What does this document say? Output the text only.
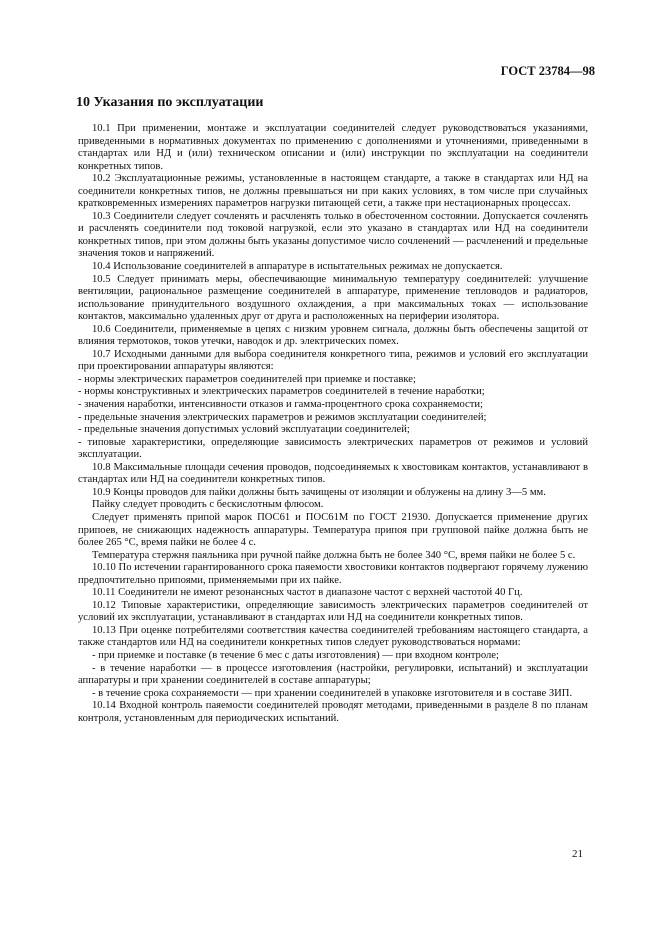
ГОСТ 23784—98
10 Указания по эксплуатации

10.1 При применении, монтаже и эксплуатации соединителей следует руководствоваться указаниями, приведенными в нормативных документах по применению с дополнениями и уточнениями, приведенными в стандартах или НД и (или) техническом описании и (или) инструкции по эксплуатации на соединители конкретных типов.

10.2 Эксплуатационные режимы, установленные в настоящем стандарте, а также в стандартах или НД на соединители конкретных типов, не должны превышаться ни при каких условиях, в том числе при случайных кратковременных измерениях параметров нагрузки питающей сети, а также при нестационарных процессах.

10.3 Соединители следует сочленять и расчленять только в обесточенном состоянии. Допускается сочленять и расчленять соединители под токовой нагрузкой, если это указано в стандартах или НД на соединители конкретных типов, при этом должны быть указаны допустимое число сочленений — расчленений и предельные значения токов и напряжений.

10.4 Использование соединителей в аппаратуре в испытательных режимах не допускается.

10.5 Следует принимать меры, обеспечивающие минимальную температуру соединителей: улучшение вентиляции, рациональное размещение соединителей в аппаратуре, применение тепловодов и радиаторов, использование принудительного воздушного охлаждения, а при максимальных токах — использование контактов, максимально удаленных друг от друга и расположенных на периферии изолятора.

10.6 Соединители, применяемые в цепях с низким уровнем сигнала, должны быть обеспечены защитой от влияния термотоков, токов утечки, наводок и др. электрических помех.

10.7 Исходными данными для выбора соединителя конкретного типа, режимов и условий его эксплуатации при проектировании аппаратуры являются:

- нормы электрических параметров соединителей при приемке и поставке;

- нормы конструктивных и электрических параметров соединителей в течение наработки;

- значения наработки, интенсивности отказов и гамма-процентного срока сохраняемости;

- предельные значения электрических параметров и режимов эксплуатации соединителей;

- предельные значения допустимых условий эксплуатации соединителей;

- типовые характеристики, определяющие зависимость электрических параметров от режимов и условий эксплуатации.

10.8 Максимальные площади сечения проводов, подсоединяемых к хвостовикам контактов, устанавливают в стандартах или НД на соединители конкретных типов.

10.9 Концы проводов для пайки должны быть зачищены от изоляции и облужены на длину 3—5 мм.

Пайку следует проводить с бескислотным флюсом.

Следует применять припой марок ПОС61 и ПОС61М по ГОСТ 21930. Допускается применение других припоев, не снижающих надежность аппаратуры. Температура припоя при групповой пайке должна быть не более 265 °С, время пайки не более 4 с.

Температура стержня паяльника при ручной пайке должна быть не более 340 °С, время пайки не более 5 с.

10.10 По истечении гарантированного срока паяемости хвостовики контактов подвергают горячему лужению предпочтительно припоями, применяемыми при их пайке.

10.11 Соединители не имеют резонансных частот в диапазоне частот с верхней частотой 40 Гц.

10.12 Типовые характеристики, определяющие зависимость электрических параметров соединителей от условий их эксплуатации, устанавливают в стандартах или НД на соединители конкретных типов.

10.13 При оценке потребителями соответствия качества соединителей требованиям настоящего стандарта, а также стандартов или НД на соединители конкретных типов следует руководствоваться нормами:

- при приемке и поставке (в течение 6 мес с даты изготовления) — при входном контроле;

- в течение наработки — в процессе изготовления (настройки, регулировки, испытаний) и эксплуатации аппаратуры и при хранении соединителей в составе аппаратуры;

- в течение срока сохраняемости — при хранении соединителей в упаковке изготовителя и в составе ЗИП.

10.14 Входной контроль паяемости соединителей проводят методами, приведенными в разделе 8 по планам контроля, установленным для периодических испытаний.

21
